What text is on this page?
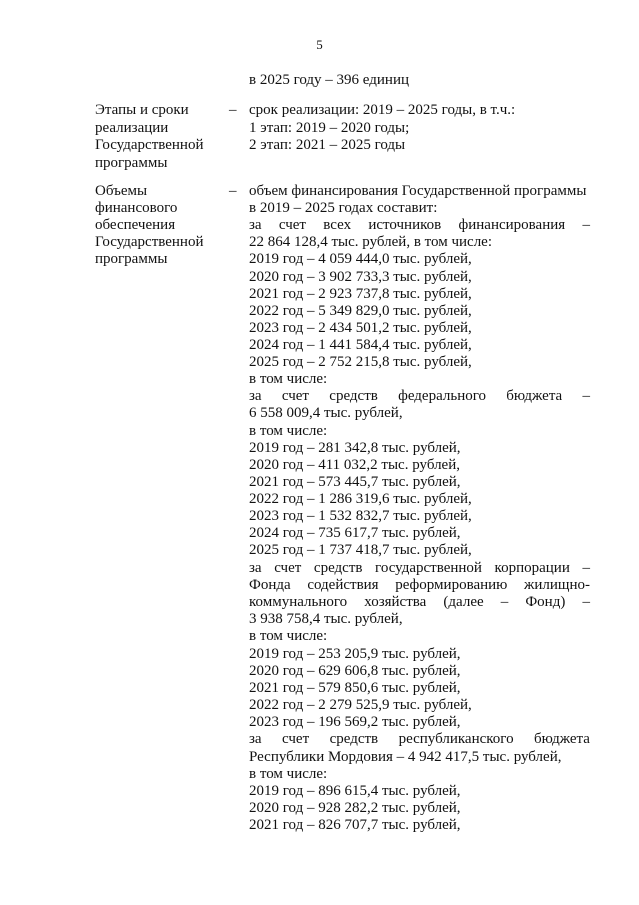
5
в 2025 году – 396 единиц
Этапы и сроки
реализации
Государственной
программы
– срок реализации: 2019 – 2025 годы, в т.ч.:
1 этап: 2019 – 2020 годы;
2 этап: 2021 – 2025 годы
Объемы
финансового
обеспечения
Государственной
программы
– объем финансирования Государственной программы
в 2019 – 2025 годах составит:
за счет всех источников финансирования –
22 864 128,4 тыс. рублей, в том числе:
2019 год – 4 059 444,0 тыс. рублей,
2020 год – 3 902 733,3 тыс. рублей,
2021 год – 2 923 737,8 тыс. рублей,
2022 год – 5 349 829,0 тыс. рублей,
2023 год – 2 434 501,2 тыс. рублей,
2024 год – 1 441 584,4 тыс. рублей,
2025 год – 2 752 215,8 тыс. рублей,
в том числе:
за счет средств федерального бюджета –
6 558 009,4 тыс. рублей,
в том числе:
2019 год – 281 342,8 тыс. рублей,
2020 год – 411 032,2 тыс. рублей,
2021 год – 573 445,7 тыс. рублей,
2022 год – 1 286 319,6 тыс. рублей,
2023 год – 1 532 832,7 тыс. рублей,
2024 год – 735 617,7 тыс. рублей,
2025 год – 1 737 418,7 тыс. рублей,
за счет средств государственной корпорации –
Фонда содействия реформированию жилищно-
коммунального хозяйства (далее – Фонд) –
3 938 758,4 тыс. рублей,
в том числе:
2019 год – 253 205,9 тыс. рублей,
2020 год – 629 606,8 тыс. рублей,
2021 год – 579 850,6 тыс. рублей,
2022 год – 2 279 525,9 тыс. рублей,
2023 год – 196 569,2 тыс. рублей,
за счет средств республиканского бюджета
Республики Мордовия – 4 942 417,5 тыс. рублей,
в том числе:
2019 год – 896 615,4 тыс. рублей,
2020 год – 928 282,2 тыс. рублей,
2021 год – 826 707,7 тыс. рублей,
